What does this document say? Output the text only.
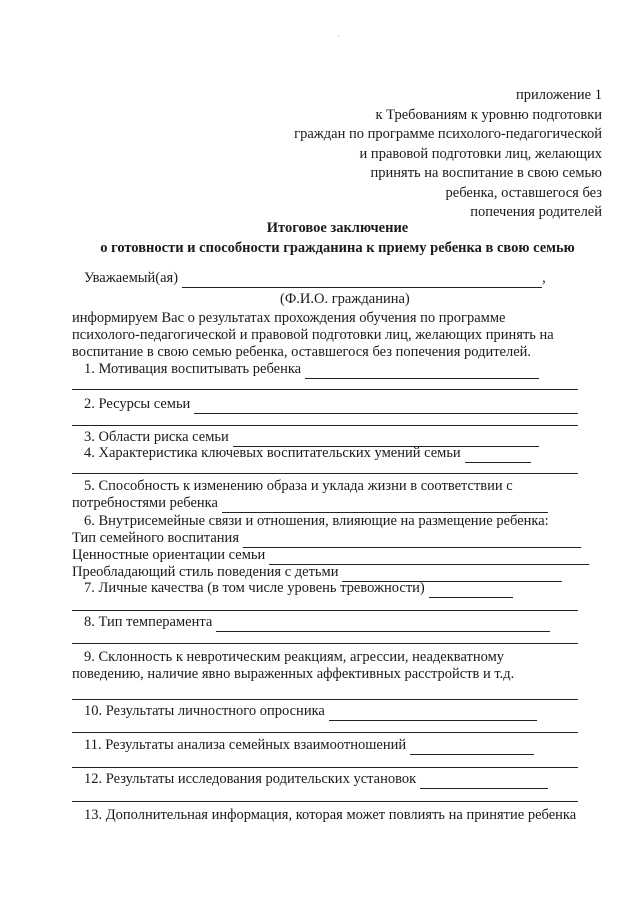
'
приложение 1
к Требованиям к уровню подготовки
граждан по программе психолого-педагогической
и правовой подготовки лиц, желающих
принять на воспитание в свою семью
ребенка, оставшегося без
попечения родителей
Итоговое заключение
о готовности и способности гражданина к приему ребенка в свою семью
Уважаемый(ая)	,
(Ф.И.О. гражданина)
информируем Вас о результатах прохождения обучения по программе
психолого-педагогической и правовой подготовки лиц, желающих принять на
воспитание в свою семью ребенка, оставшегося без попечения родителей.
1. Мотивация воспитывать ребенка
2. Ресурсы семьи
3. Области риска семьи
4. Характеристика ключевых воспитательских умений семьи
5. Способность к изменению образа и уклада жизни в соответствии с
потребностями ребенка
6. Внутрисемейные связи и отношения, влияющие на размещение ребенка:
Тип семейного воспитания
Ценностные ориентации семьи
Преобладающий стиль поведения с детьми
7. Личные качества (в том числе уровень тревожности)
8. Тип темперамента
9. Склонность к невротическим реакциям, агрессии, неадекватному
поведению, наличие явно выраженных аффективных расстройств и т.д.
10. Результаты личностного опросника
11. Результаты анализа семейных взаимоотношений
12. Результаты исследования родительских установок
13. Дополнительная информация, которая может повлиять на принятие ребенка
